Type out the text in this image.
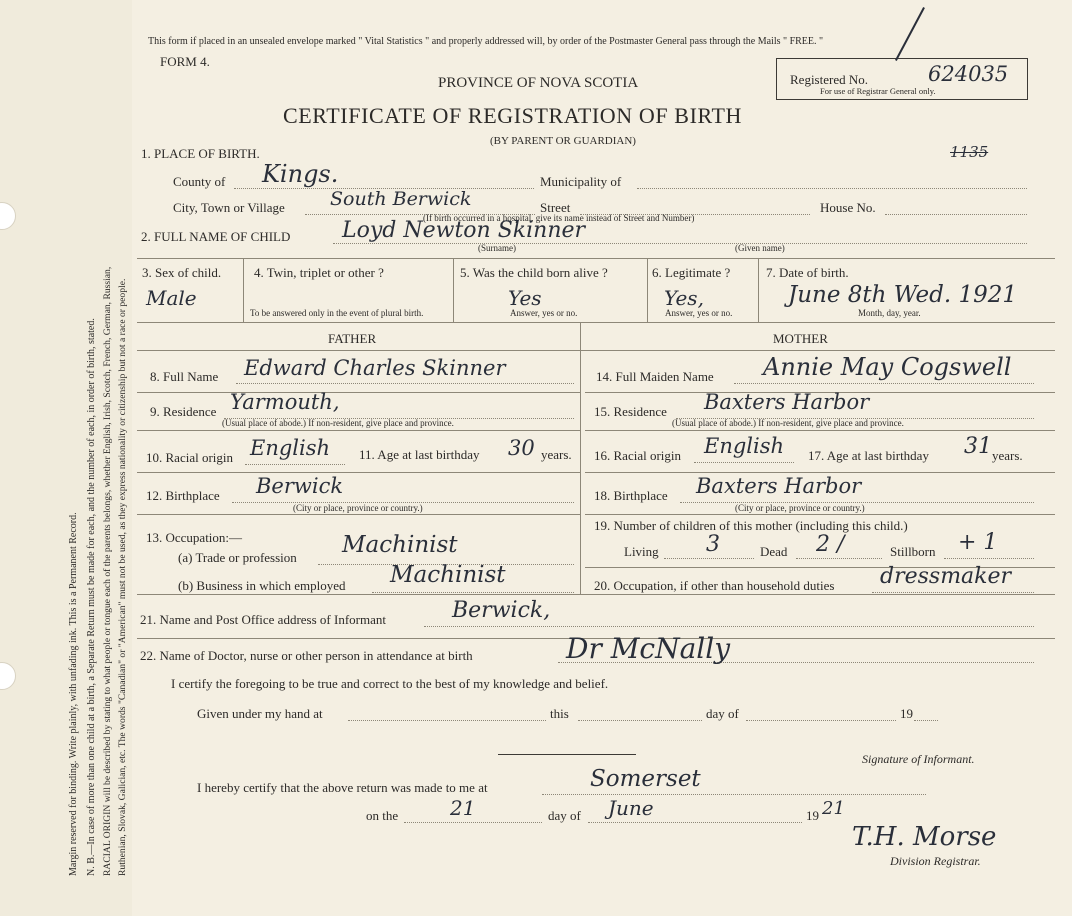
Margin reserved for binding. Write plainly, with unfading ink. This is a Permanent Record. N. B.—In case of more than one child at a birth, a Separate Return must be made for each, and the number of each, in order of birth, stated. RACIAL ORIGIN will be described by stating to what people or tongue each of the parents belongs, whether English, Irish, Scotch, French, German, Russian, Ruthenian, Slovak, Galician, etc. The words "Canadian" or "American" must not be used, as they express nationality or citizenship but not a race or people.
This form if placed in an unsealed envelope marked " Vital Statistics " and properly addressed will, by order of the Postmaster General pass through the Mails " FREE. "
FORM 4.
PROVINCE OF NOVA SCOTIA
CERTIFICATE OF REGISTRATION OF BIRTH
(BY PARENT OR GUARDIAN)
Registered No.	624035
For use of Registrar General only.
1135
1. PLACE OF BIRTH.
County of Kings.	Municipality of
City, Town or Village South Berwick	Street
(If birth occurred in a hospital, give its name instead of Street and Number)
House No.
2. FULL NAME OF CHILD Loyd Newton Skinner
(Surname)	(Given name)
3. Sex of child.
Male
4. Twin, triplet or other ?
To be answered only in the event of plural birth.
5. Was the child born alive ?
Yes
Answer, yes or no.
6. Legitimate ?
Yes,
Answer, yes or no.
7. Date of birth.
June 8th Wed. 1921
Month, day, year.
FATHER	MOTHER
8. Full Name Edward Charles Skinner
9. Residence Yarmouth,
(Usual place of abode.) If non-resident, give place and province.
10. Racial origin English 11. Age at last birthday 30 years.
12. Birthplace Berwick
(City or place, province or country.)
13. Occupation:—
(a) Trade or profession Machinist
(b) Business in which employed Machinist
14. Full Maiden Name Annie May Cogswell
15. Residence Baxters Harbor
(Usual place of abode.) If non-resident, give place and province.
16. Racial origin English 17. Age at last birthday 31 years.
18. Birthplace Baxters Harbor
(City or place, province or country.)
19. Number of children of this mother (including this child.)
Living 3	Dead 2 /	Stillborn + 1
20. Occupation, if other than household duties dressmaker
21. Name and Post Office address of Informant	Berwick,
22. Name of Doctor, nurse or other person in attendance at birth	Dr McNally
I certify the foregoing to be true and correct to the best of my knowledge and belief.
Given under my hand at	this	day of	19
Signature of Informant.
I hereby certify that the above return was made to me at	Somerset
on the	21	day of June	19 21
T.H. Morse
Division Registrar.
